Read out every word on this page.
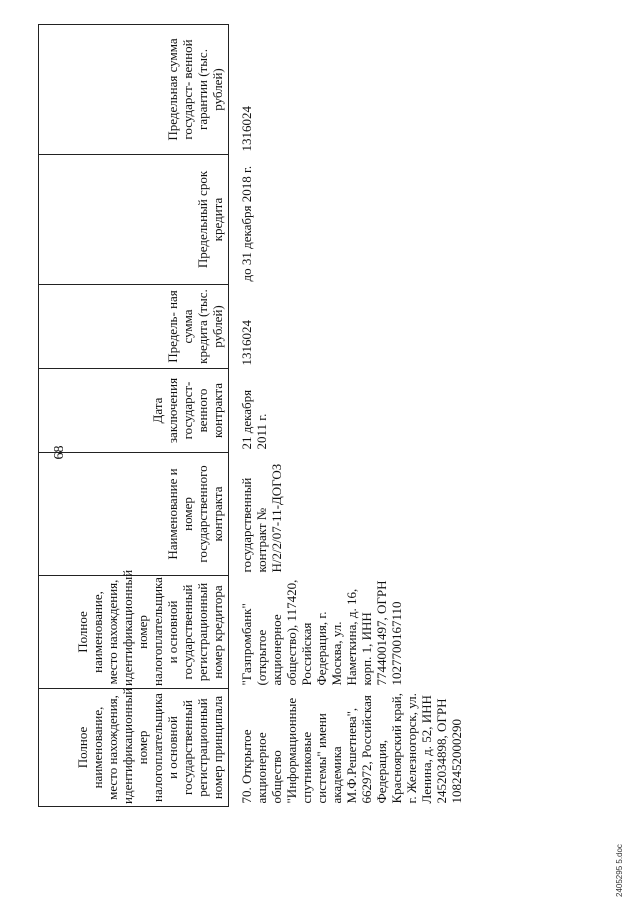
68
Полное наименование, место нахождения, идентификационный номер налогоплательщика и основной государственный регистрационный номер принципала	Полное наименование, место нахождения, идентификационный номер налогоплательщика и основной государственный регистрационный номер кредитора	Наименование и номер государственного контракта	Дата заключения государст- венного контракта	Предель- ная сумма кредита (тыс. рублей)	Предельный срок кредита	Предельная сумма государст- венной гарантии (тыс. рублей)
70. Открытое акционерное общество "Информационные спутниковые системы" имени академика М.Ф.Решетнева", 662972, Российская Федерация, Красноярский край, г. Железногорск, ул. Ленина, д. 52, ИНН 2452034898, ОГРН 1082452000290	"Газпромбанк" (открытое акционерное общество), 117420, Российская Федерация, г. Москва, ул. Наметкина, д. 16, корп. 1, ИНН 7744001497, ОГРН 1027700167110	государственный контракт № Н/2/2/07-11-ДОГОЗ	21 декабря 2011 г.	1316024	до 31 декабря 2018 г.	1316024
2405295 5.doc
